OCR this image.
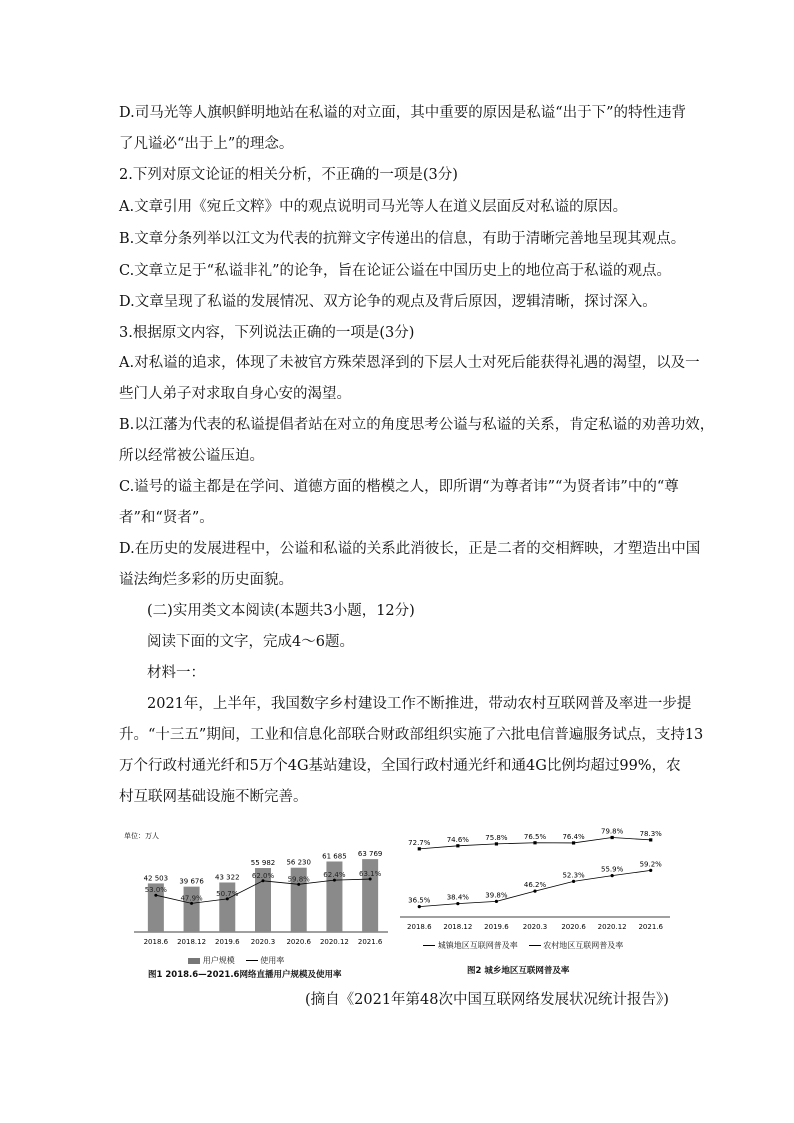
D.司马光等人旗帜鲜明地站在私谥的对立面，其中重要的原因是私谥“出于下”的特性违背
了凡谥必“出于上”的理念。
2.下列对原文论证的相关分析，不正确的一项是(3分)
A.文章引用《宛丘文粹》中的观点说明司马光等人在道义层面反对私谥的原因。
B.文章分条列举以江文为代表的抗辩文字传递出的信息，有助于清晰完善地呈现其观点。
C.文章立足于“私谥非礼”的论争，旨在论证公谥在中国历史上的地位高于私谥的观点。
D.文章呈现了私谥的发展情况、双方论争的观点及背后原因，逻辑清晰，探讨深入。
3.根据原文内容，下列说法正确的一项是(3分)
A.对私谥的追求，体现了未被官方殊荣恩泽到的下层人士对死后能获得礼遇的渴望，以及一
些门人弟子对求取自身心安的渴望。
B.以江藩为代表的私谥提倡者站在对立的角度思考公谥与私谥的关系，肯定私谥的劝善功效，
所以经常被公谥压迫。
C.谥号的谥主都是在学问、道德方面的楷模之人，即所谓“为尊者讳”“为贤者讳”中的“尊
者”和“贤者”。
D.在历史的发展进程中，公谥和私谥的关系此消彼长，正是二者的交相辉映，才塑造出中国
谥法绚烂多彩的历史面貌。
(二)实用类文本阅读(本题共3小题，12分)
阅读下面的文字，完成4～6题。
材料一：
2021年，上半年，我国数字乡村建设工作不断推进，带动农村互联网普及率进一步提
升。“十三五”期间，工业和信息化部联合财政部组织实施了六批电信普遍服务试点，支持13
万个行政村通光纤和5万个4G基站建设，全国行政村通光纤和通4G比例均超过99%，农
村互联网基础设施不断完善。
单位：万人
42 503
2018.6
39 676
2018.12
43 322
2019.6
55 982
2020.3
56 230
2020.6
61 685
2020.12
63 769
2021.6
53.0%
47.9%
50.7%
62.0% 59.8%
62.4% 63.1%
用户规模	使用率
图1 2018.6—2021.6网络直播用户规模及使用率
2018.6 2018.12 2019.6 2020.3 2020.6 2020.12 2021.6
72.7% 74.6% 75.8% 76.5% 76.4%
79.8% 78.3%
36.5% 38.4% 39.8%
46.2%
52.3%
55.9%
59.2%
城镇地区互联网普及率	农村地区互联网普及率
图2 城乡地区互联网普及率
(摘自《2021年第48次中国互联网络发展状况统计报告》)
